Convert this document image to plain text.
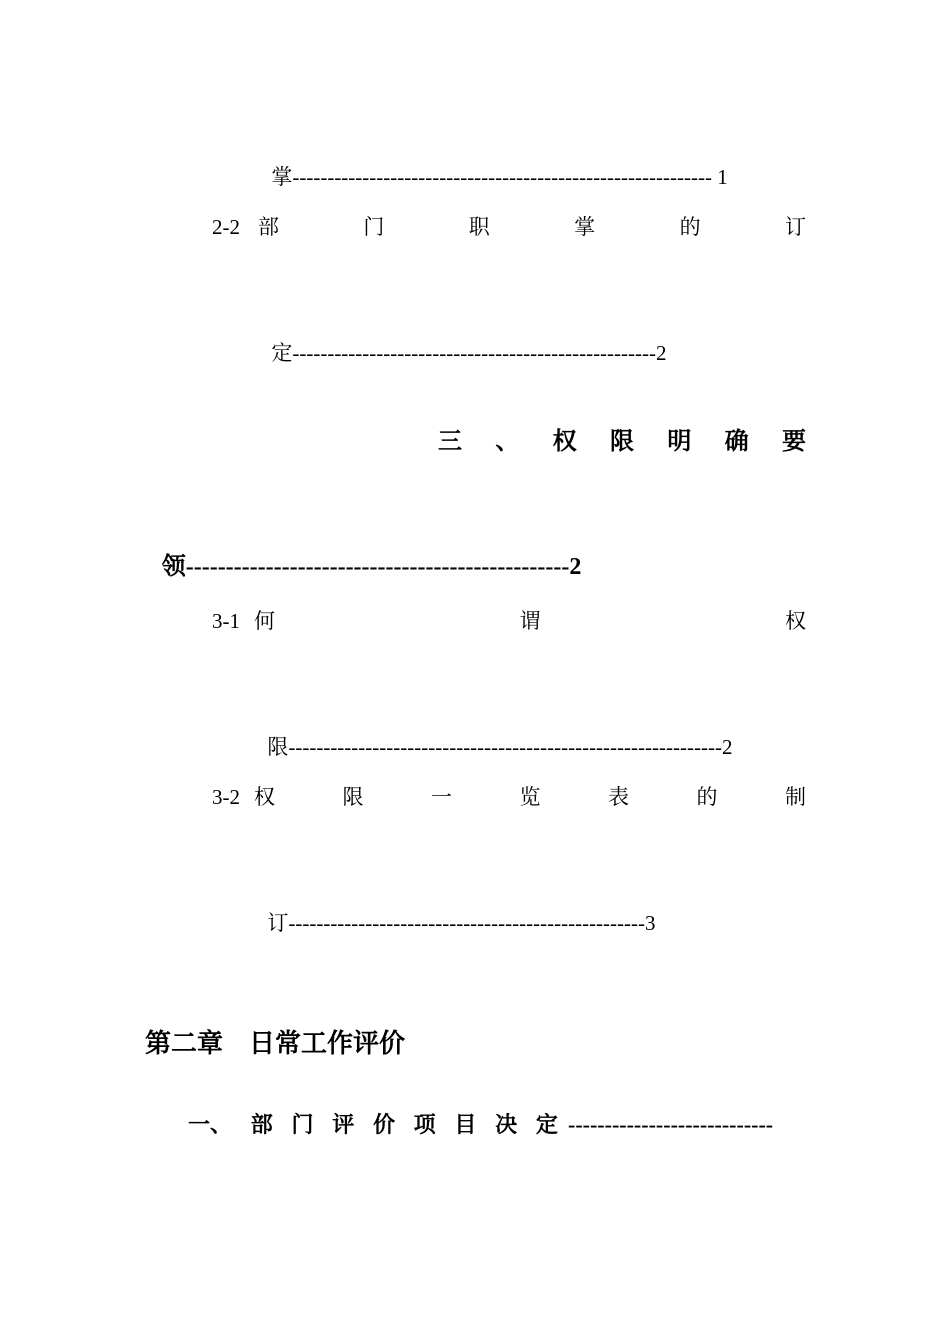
掌------------------------------------------------------------ 1

2-2 部	门	职	掌	的	订

定----------------------------------------------------2

三 、 权 限 明 确 要

领------------------------------------------------2

3-1 何	谓	权

限--------------------------------------------------------------2

3-2 权	限	一	览	表	的	制

订---------------------------------------------------3

第二章　日常工作评价
一、 部 门 评 价 项 目 决 定 ----------------------------
